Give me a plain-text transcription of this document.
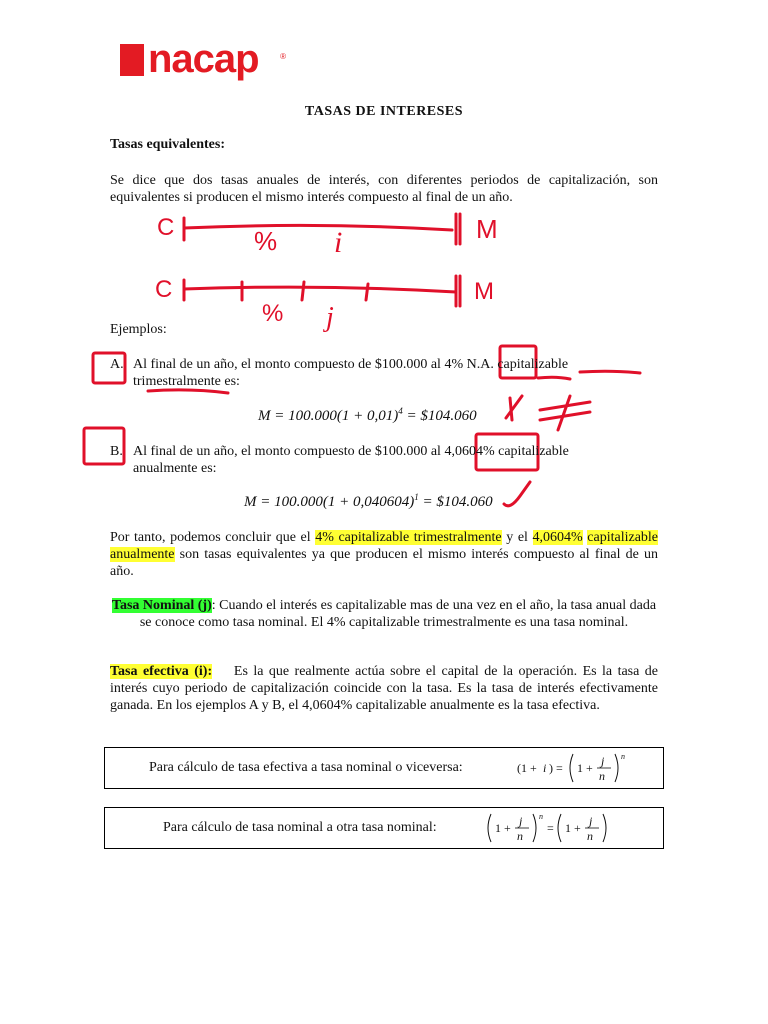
nacap	®
TASAS DE INTERESES
Tasas equivalentes:
Se dice que dos tasas anuales de interés, con diferentes periodos de capitalización, son equivalentes si producen el mismo interés compuesto al final de un año.
C	% i	M
C
% j
M
Ejemplos:
A. Al final de un año, el monto compuesto de $100.000 al 4% N.A. capitalizable
trimestralmente es:
$M = 100.000(1 + 0,01)^4$ = $104.060
B. Al final de un año, el monto compuesto de $100.000 al 4,0604% capitalizable
anualmente es:
$M = 100.000(1 + 0,040604)^1$ = $104.060
Por tanto, podemos concluir que el 4% capitalizable trimestralmente y el 4,0604% capitalizable anualmente son tasas equivalentes ya que producen el mismo interés compuesto al final de un año.
Tasa Nominal (j): Cuando el interés es capitalizable mas de una vez en el año, la tasa anual dada se conoce como tasa nominal. El 4% capitalizable trimestralmente es una tasa nominal.
Tasa efectiva (i):    Es la que realmente actúa sobre el capital de la operación. Es la tasa de interés cuyo periodo de capitalización coincide con la tasa. Es la tasa de interés efectivamente ganada. En los ejemplos A y B, el 4,0604% capitalizable anualmente es la tasa efectiva.
Para cálculo de tasa efectiva a tasa nominal o viceversa:	(1 + i ) = 1 + j
n
n
Para cálculo de tasa nominal a otra tasa nominal:	1 + j
n
n
= 1 + j
n
